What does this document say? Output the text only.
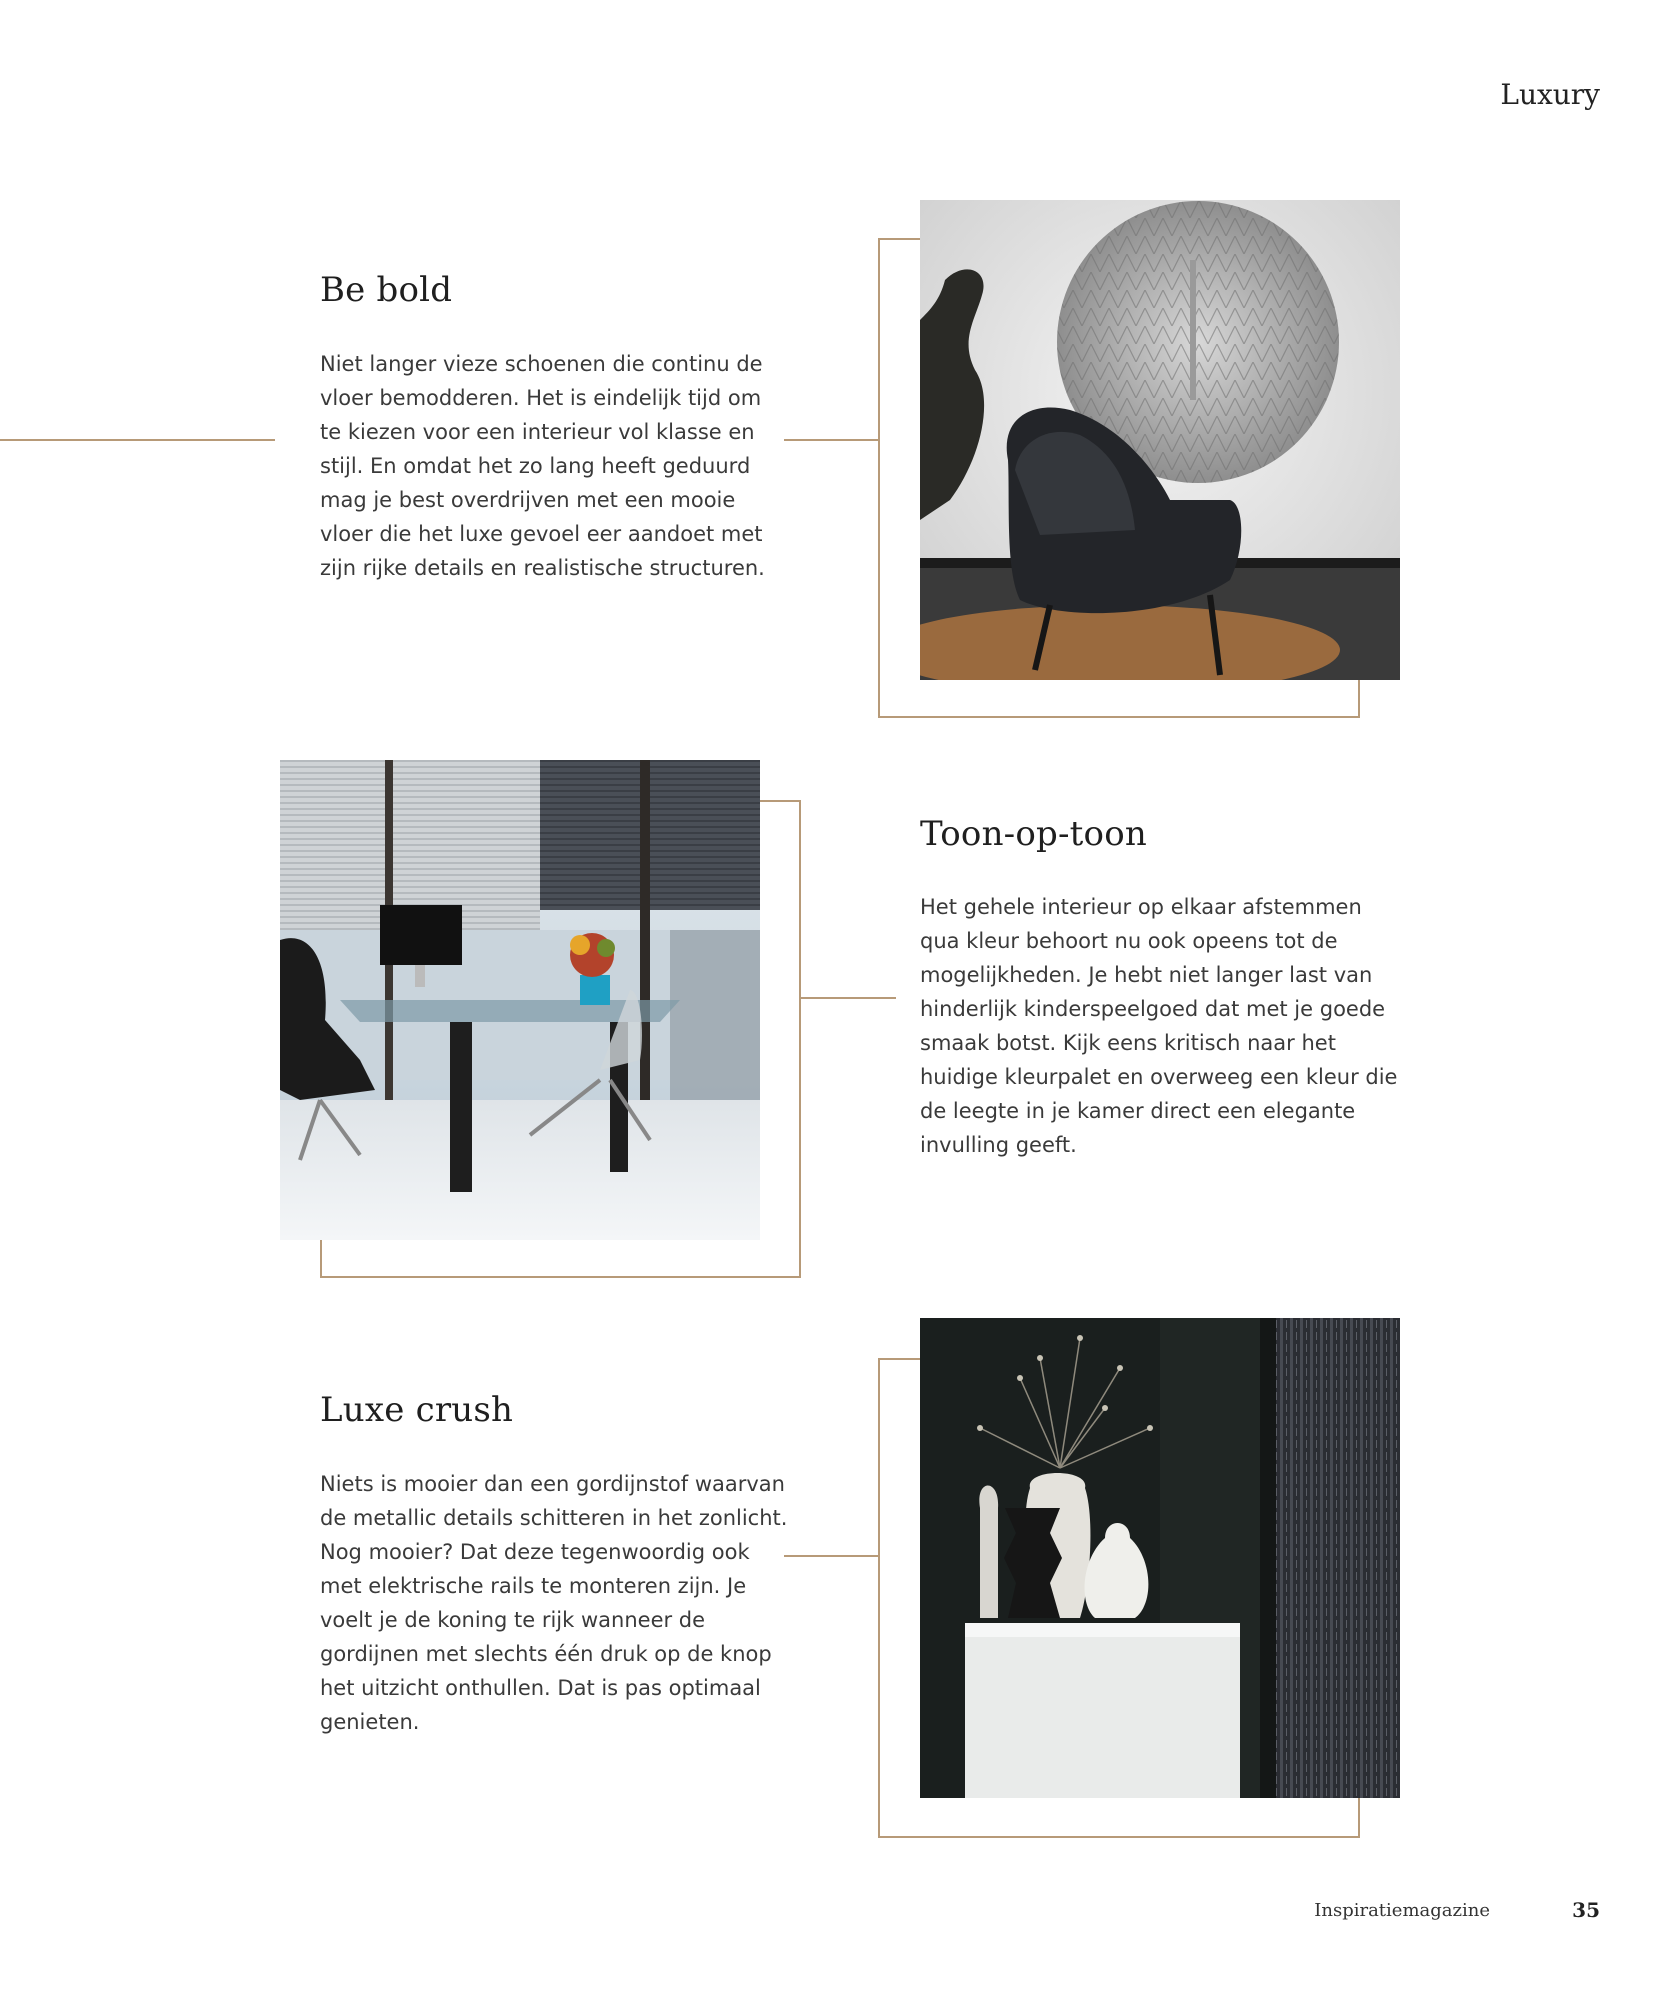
Luxury
Be bold

Niet langer vieze schoenen die continu de vloer bemodderen. Het is eindelijk tijd om te kiezen voor een interieur vol klasse en stijl. En omdat het zo lang heeft geduurd mag je best overdrijven met een mooie vloer die het luxe gevoel eer aandoet met zijn rijke details en realistische structuren.

Toon-op-toon

Het gehele interieur op elkaar afstemmen qua kleur behoort nu ook opeens tot de mogelijkheden. Je hebt niet langer last van hinderlijk kinderspeelgoed dat met je goede smaak botst. Kijk eens kritisch naar het huidige kleurpalet en overweeg een kleur die de leegte in je kamer direct een elegante invulling geeft.

Luxe crush

Niets is mooier dan een gordijnstof waarvan de metallic details schitteren in het zonlicht. Nog mooier? Dat deze tegenwoordig ook met elektrische rails te monteren zijn. Je voelt je de koning te rijk wanneer de gordijnen met slechts één druk op de knop het uitzicht onthullen. Dat is pas optimaal genieten.

Inspiratiemagazine	35
